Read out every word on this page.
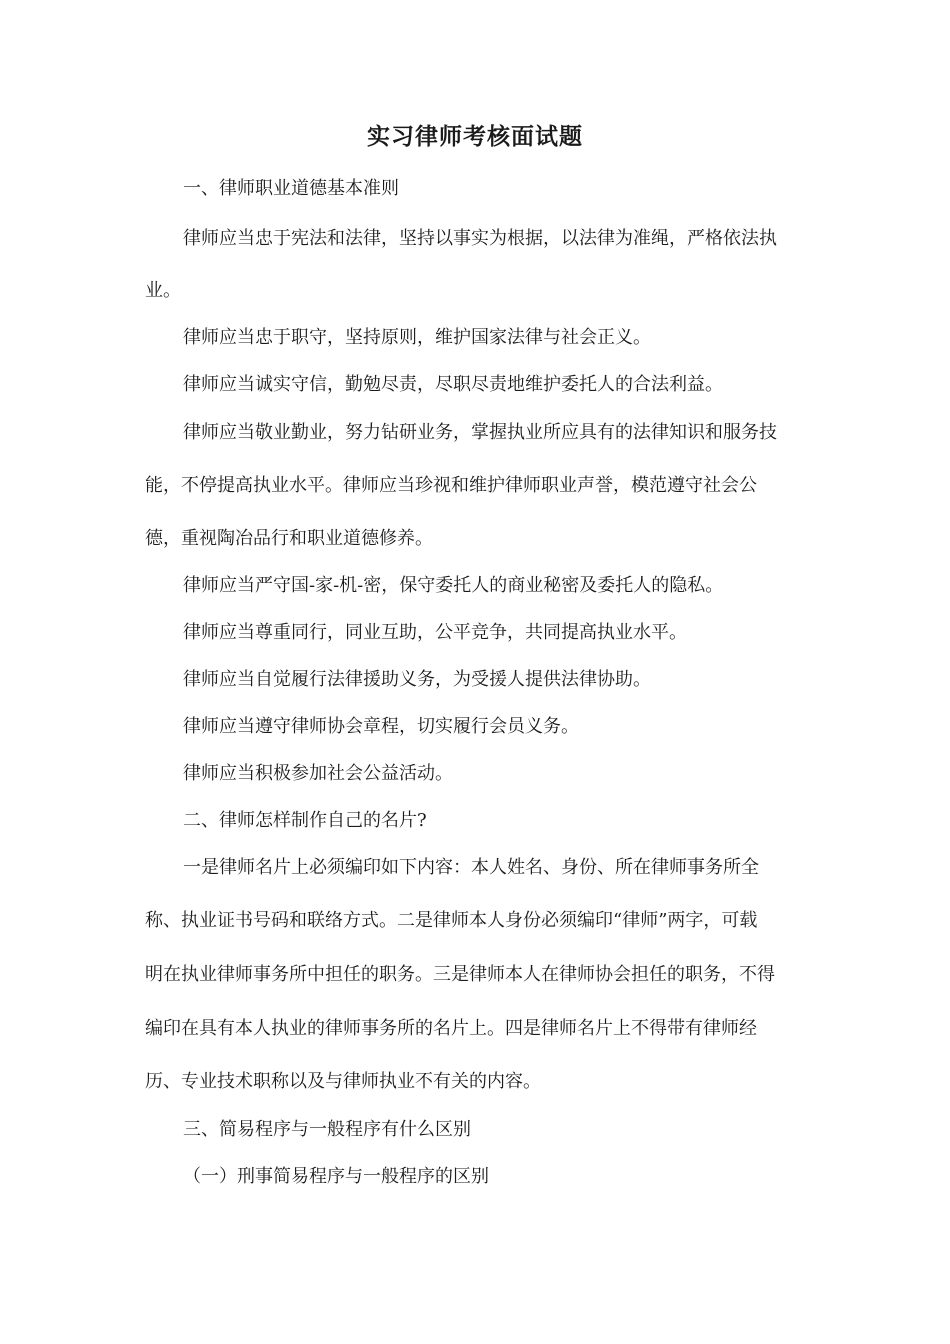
实习律师考核面试题

一、律师职业道德基本准则

律师应当忠于宪法和法律，坚持以事实为根据，以法律为准绳，严格依法执

业。

律师应当忠于职守，坚持原则，维护国家法律与社会正义。

律师应当诚实守信，勤勉尽责，尽职尽责地维护委托人的合法利益。

律师应当敬业勤业，努力钻研业务，掌握执业所应具有的法律知识和服务技

能，不停提高执业水平。律师应当珍视和维护律师职业声誉，模范遵守社会公

德，重视陶冶品行和职业道德修养。

律师应当严守国-家-机-密，保守委托人的商业秘密及委托人的隐私。

律师应当尊重同行，同业互助，公平竞争，共同提高执业水平。

律师应当自觉履行法律援助义务，为受援人提供法律协助。

律师应当遵守律师协会章程，切实履行会员义务。

律师应当积极参加社会公益活动。

二、律师怎样制作自己的名片?

一是律师名片上必须编印如下内容：本人姓名、身份、所在律师事务所全

称、执业证书号码和联络方式。二是律师本人身份必须编印“律师”两字，可载

明在执业律师事务所中担任的职务。三是律师本人在律师协会担任的职务，不得

编印在具有本人执业的律师事务所的名片上。四是律师名片上不得带有律师经

历、专业技术职称以及与律师执业不有关的内容。

三、简易程序与一般程序有什么区别

（一）刑事简易程序与一般程序的区别
